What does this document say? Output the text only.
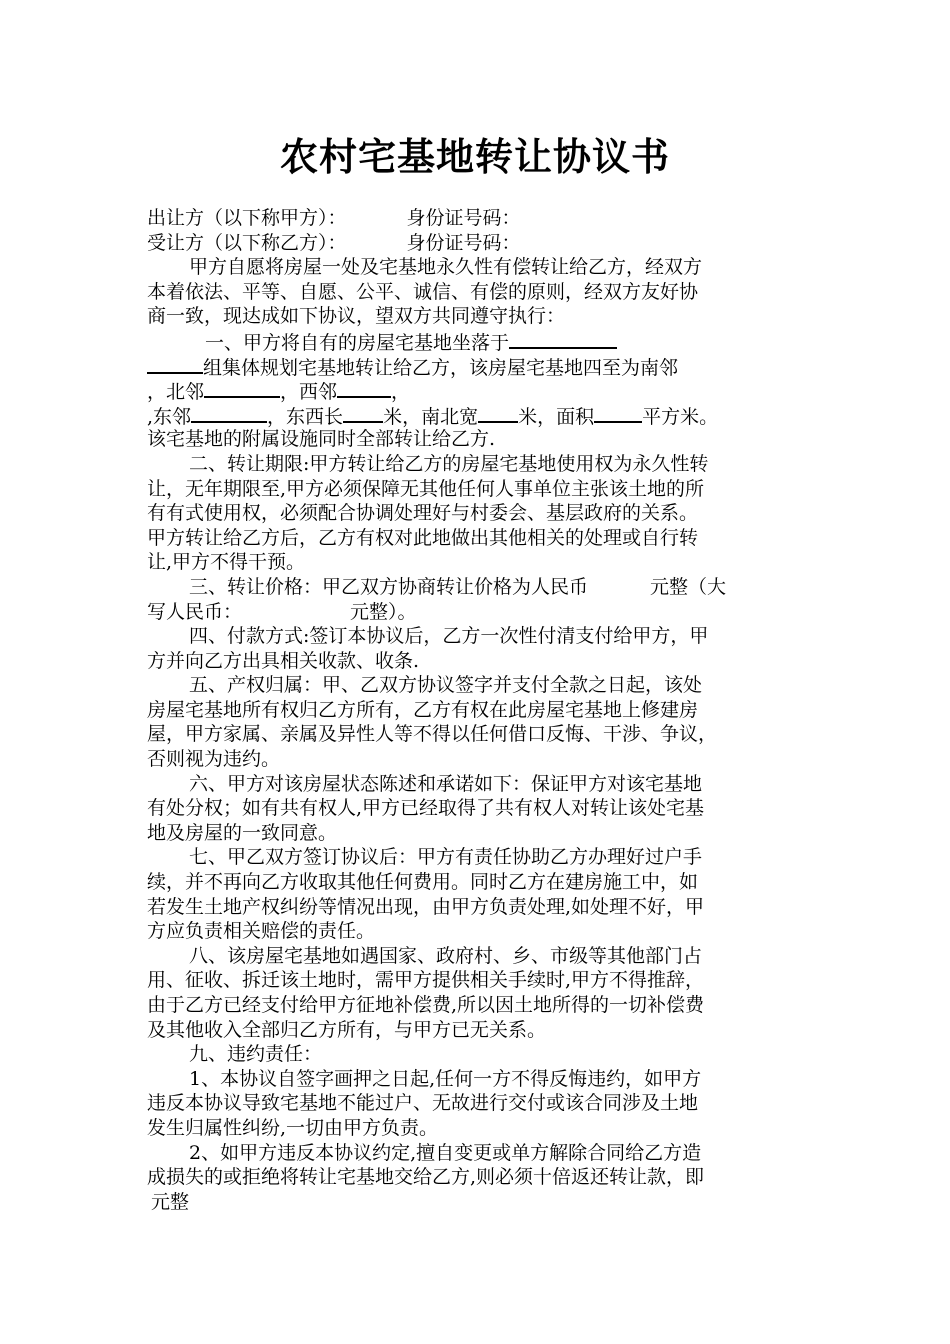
农村宅基地转让协议书
出让方（以下称甲方）：	身份证号码：
受让方（以下称乙方）：	身份证号码：
甲方自愿将房屋一处及宅基地永久性有偿转让给乙方，经双方
本着依法、平等、自愿、公平、诚信、有偿的原则，经双方友好协
商一致，现达成如下协议，望双方共同遵守执行：
一、甲方将自有的房屋宅基地坐落于
组集体规划宅基地转让给乙方，该房屋宅基地四至为南邻
，北邻	，西邻	，
,东邻	，东西长 米，南北宽 米，面积	平方米。
该宅基地的附属设施同时全部转让给乙方.
二、转让期限:甲方转让给乙方的房屋宅基地使用权为永久性转
让，无年期限至,甲方必须保障无其他任何人事单位主张该土地的所
有有式使用权，必须配合协调处理好与村委会、基层政府的关系。
甲方转让给乙方后，乙方有权对此地做出其他相关的处理或自行转
让,甲方不得干预。
三、转让价格：甲乙双方协商转让价格为人民币	元整（大
写人民币：	元整）。
四、付款方式:签订本协议后，乙方一次性付清支付给甲方，甲
方并向乙方出具相关收款、收条.
五、产权归属：甲、乙双方协议签字并支付全款之日起，该处
房屋宅基地所有权归乙方所有，乙方有权在此房屋宅基地上修建房
屋，甲方家属、亲属及异性人等不得以任何借口反悔、干涉、争议，
否则视为违约。
六、甲方对该房屋状态陈述和承诺如下：保证甲方对该宅基地
有处分权；如有共有权人,甲方已经取得了共有权人对转让该处宅基
地及房屋的一致同意。
七、甲乙双方签订协议后：甲方有责任协助乙方办理好过户手
续，并不再向乙方收取其他任何费用。同时乙方在建房施工中，如
若发生土地产权纠纷等情况出现，由甲方负责处理,如处理不好，甲
方应负责相关赔偿的责任。
八、该房屋宅基地如遇国家、政府村、乡、市级等其他部门占
用、征收、拆迁该土地时，需甲方提供相关手续时,甲方不得推辞，
由于乙方已经支付给甲方征地补偿费,所以因土地所得的一切补偿费
及其他收入全部归乙方所有，与甲方已无关系。
九、违约责任：
1、本协议自签字画押之日起,任何一方不得反悔违约，如甲方
违反本协议导致宅基地不能过户、无故进行交付或该合同涉及土地
发生归属性纠纷,一切由甲方负责。
2、如甲方违反本协议约定,擅自变更或单方解除合同给乙方造
成损失的或拒绝将转让宅基地交给乙方,则必须十倍返还转让款，即
元整
